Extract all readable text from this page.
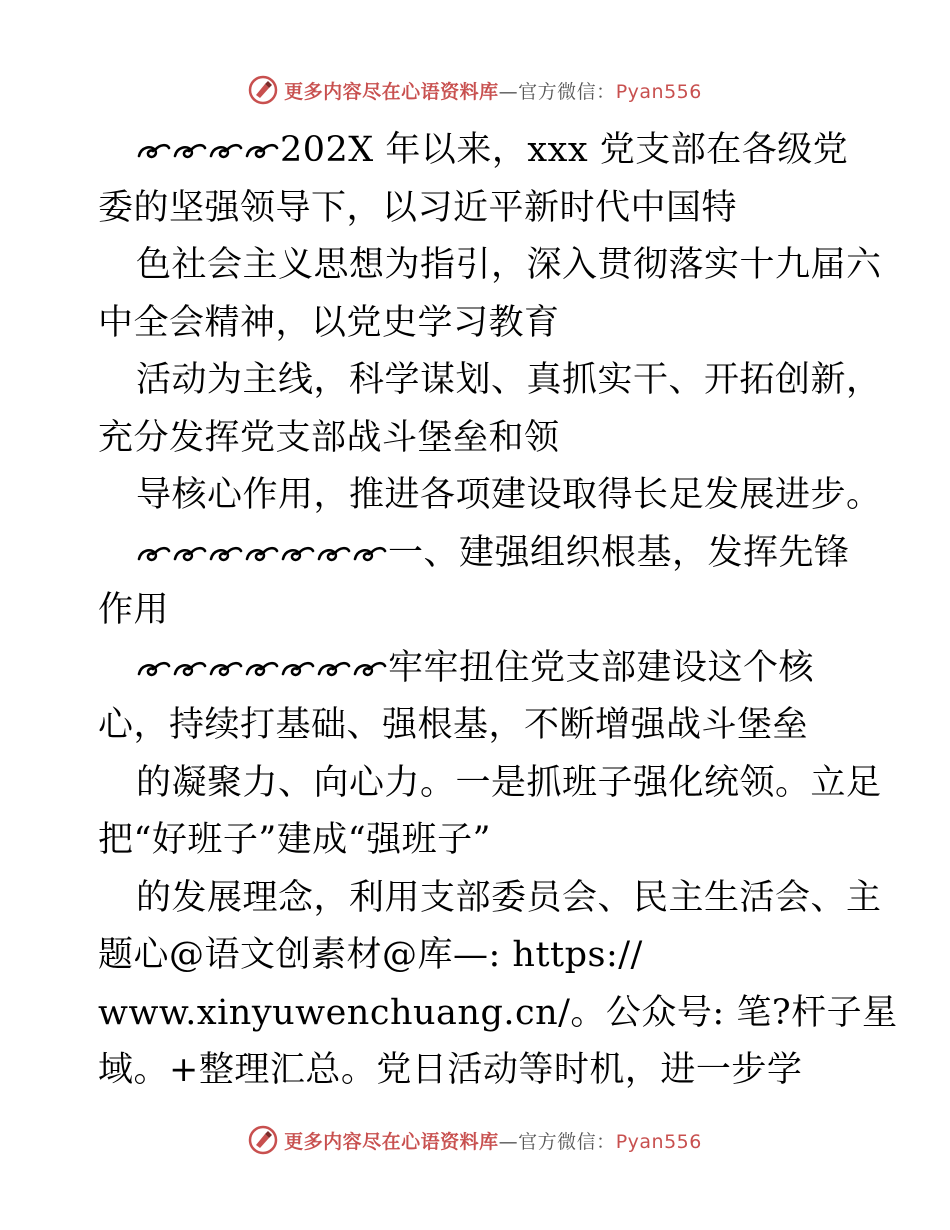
更多内容尽在心语资料库—官方微信：Pyan556
202X 年以来，xxx 党支部在各级党
委的坚强领导下，以习近平新时代中国特
色社会主义思想为指引，深入贯彻落实十九届六
中全会精神，以党史学习教育
活动为主线，科学谋划、真抓实干、开拓创新，
充分发挥党支部战斗堡垒和领
导核心作用，推进各项建设取得长足发展进步。
一、建强组织根基，发挥先锋
作用
牢牢扭住党支部建设这个核
心，持续打基础、强根基，不断增强战斗堡垒
的凝聚力、向心力。一是抓班子强化统领。立足
把“好班子”建成“强班子”
的发展理念，利用支部委员会、民主生活会、主
题心@语文创素材@库—: https://
www.xinyuwenchuang.cn/。公众号: 笔?杆子星
域。+整理汇总。党日活动等时机，进一步学
更多内容尽在心语资料库—官方微信：Pyan556
